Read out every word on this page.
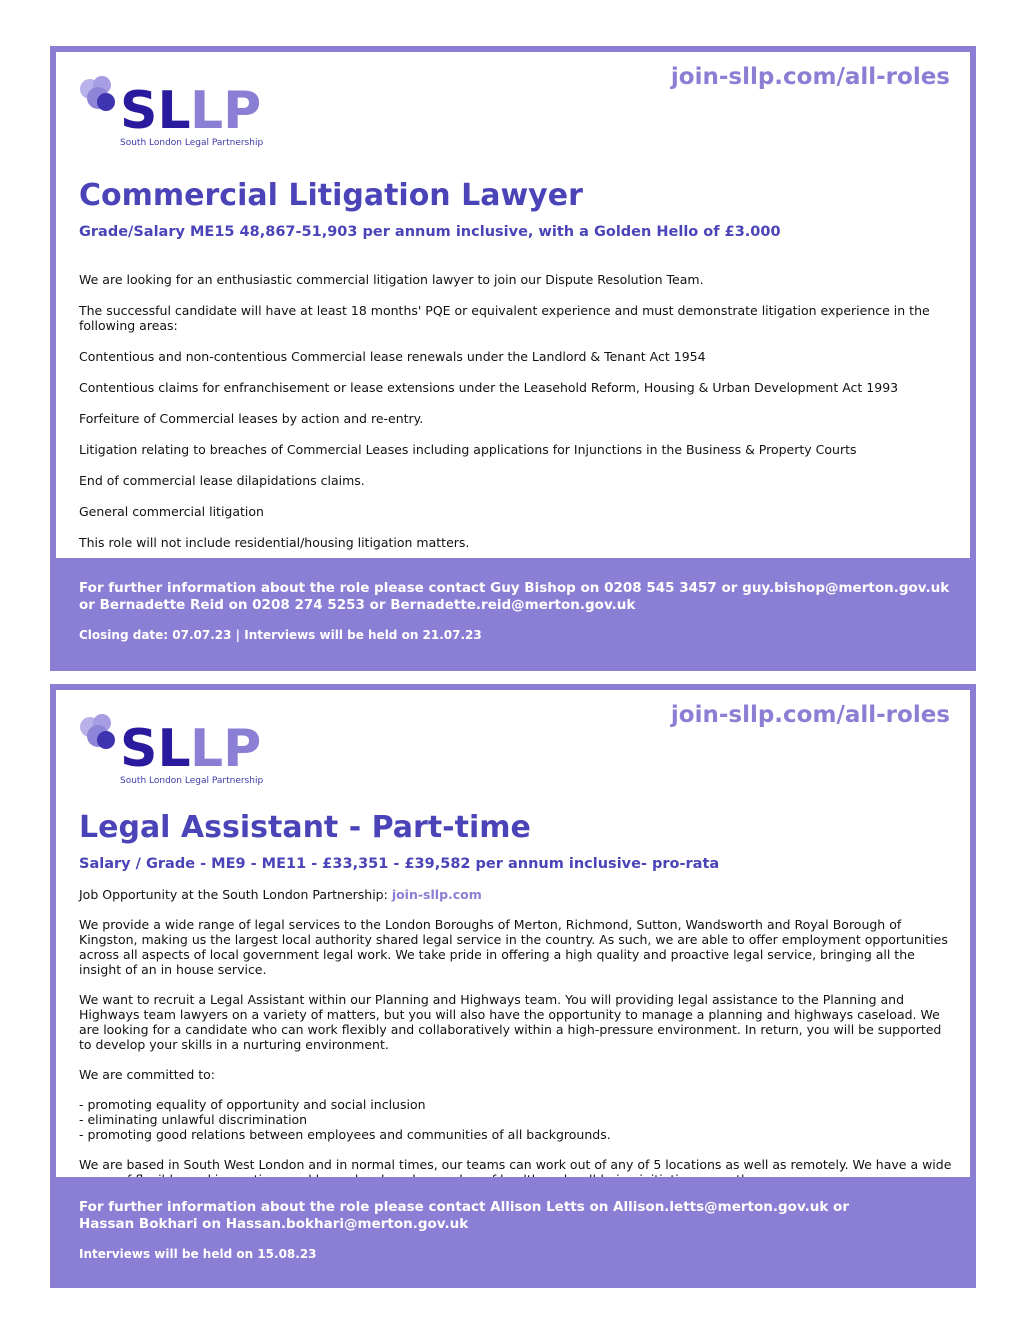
join-sllp.com/all-roles
SL LP
South London Legal Partnership
Commercial Litigation Lawyer
Grade/Salary ME15 48,867-51,903 per annum inclusive, with a Golden Hello of £3.000

We are looking for an enthusiastic commercial litigation lawyer to join our Dispute Resolution Team.

The successful candidate will have at least 18 months' PQE or equivalent experience and must demonstrate litigation experience in the following areas:

Contentious and non-contentious Commercial lease renewals under the Landlord & Tenant Act 1954

Contentious claims for enfranchisement or lease extensions under the Leasehold Reform, Housing & Urban Development Act 1993

Forfeiture of Commercial leases by action and re-entry.

Litigation relating to breaches of Commercial Leases including applications for Injunctions in the Business & Property Courts

End of commercial lease dilapidations claims.

General commercial litigation

This role will not include residential/housing litigation matters.

For further information about the role please contact Guy Bishop on 0208 545 3457 or guy.bishop@merton.gov.uk
or Bernadette Reid on 0208 274 5253 or Bernadette.reid@merton.gov.uk
Closing date: 07.07.23 | Interviews will be held on 21.07.23
join-sllp.com/all-roles
SL LP
South London Legal Partnership
Legal Assistant - Part-time
Salary / Grade - ME9 - ME11 - £33,351 - £39,582 per annum inclusive- pro-rata

Job Opportunity at the South London Partnership: join-sllp.com

We provide a wide range of legal services to the London Boroughs of Merton, Richmond, Sutton, Wandsworth and Royal Borough of Kingston, making us the largest local authority shared legal service in the country. As such, we are able to offer employment opportunities across all aspects of local government legal work. We take pride in offering a high quality and proactive legal service, bringing all the insight of an in house service.

We want to recruit a Legal Assistant within our Planning and Highways team. You will providing legal assistance to the Planning and Highways team lawyers on a variety of matters, but you will also have the opportunity to manage a planning and highways caseload. We are looking for a candidate who can work flexibly and collaboratively within a high-pressure environment. In return, you will be supported to develop your skills in a nurturing environment.

We are committed to:

- promoting equality of opportunity and social inclusion

- eliminating unlawful discrimination

- promoting good relations between employees and communities of all backgrounds.

We are based in South West London and in normal times, our teams can work out of any of 5 locations as well as remotely. We have a wide

For further information about the role please contact Allison Letts on Allison.letts@merton.gov.uk or
Hassan Bokhari on Hassan.bokhari@merton.gov.uk
Interviews will be held on 15.08.23
